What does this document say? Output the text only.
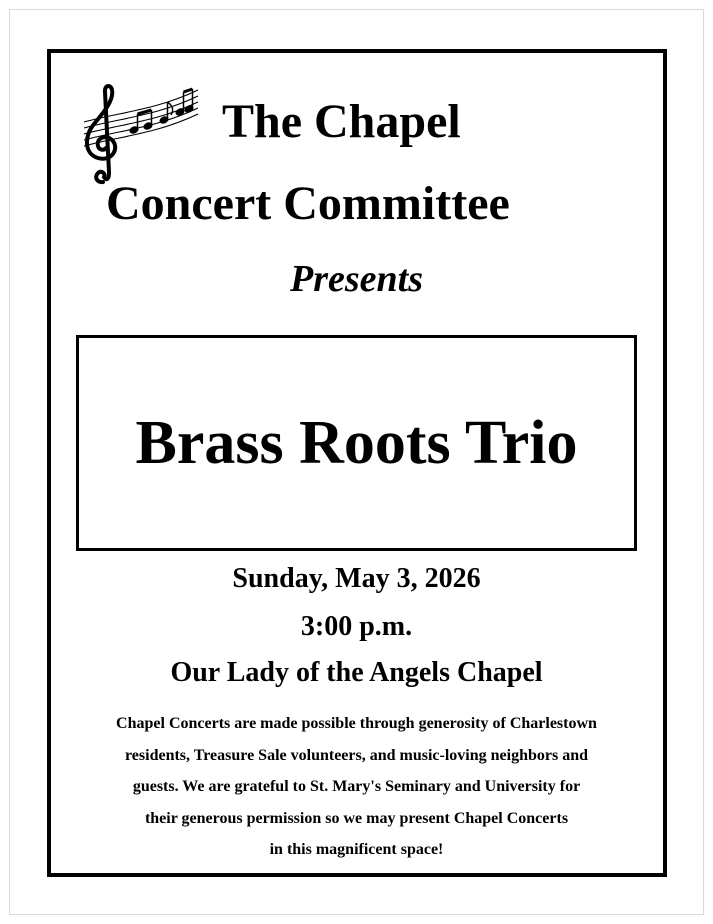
The Chapel
Concert Committee
Presents
Brass Roots Trio
Sunday, May 3, 2026
3:00 p.m.
Our Lady of the Angels Chapel
Chapel Concerts are made possible through generosity of Charlestown
residents, Treasure Sale volunteers, and music-loving neighbors and
guests. We are grateful to St. Mary's Seminary and University for
their generous permission so we may present Chapel Concerts
in this magnificent space!
